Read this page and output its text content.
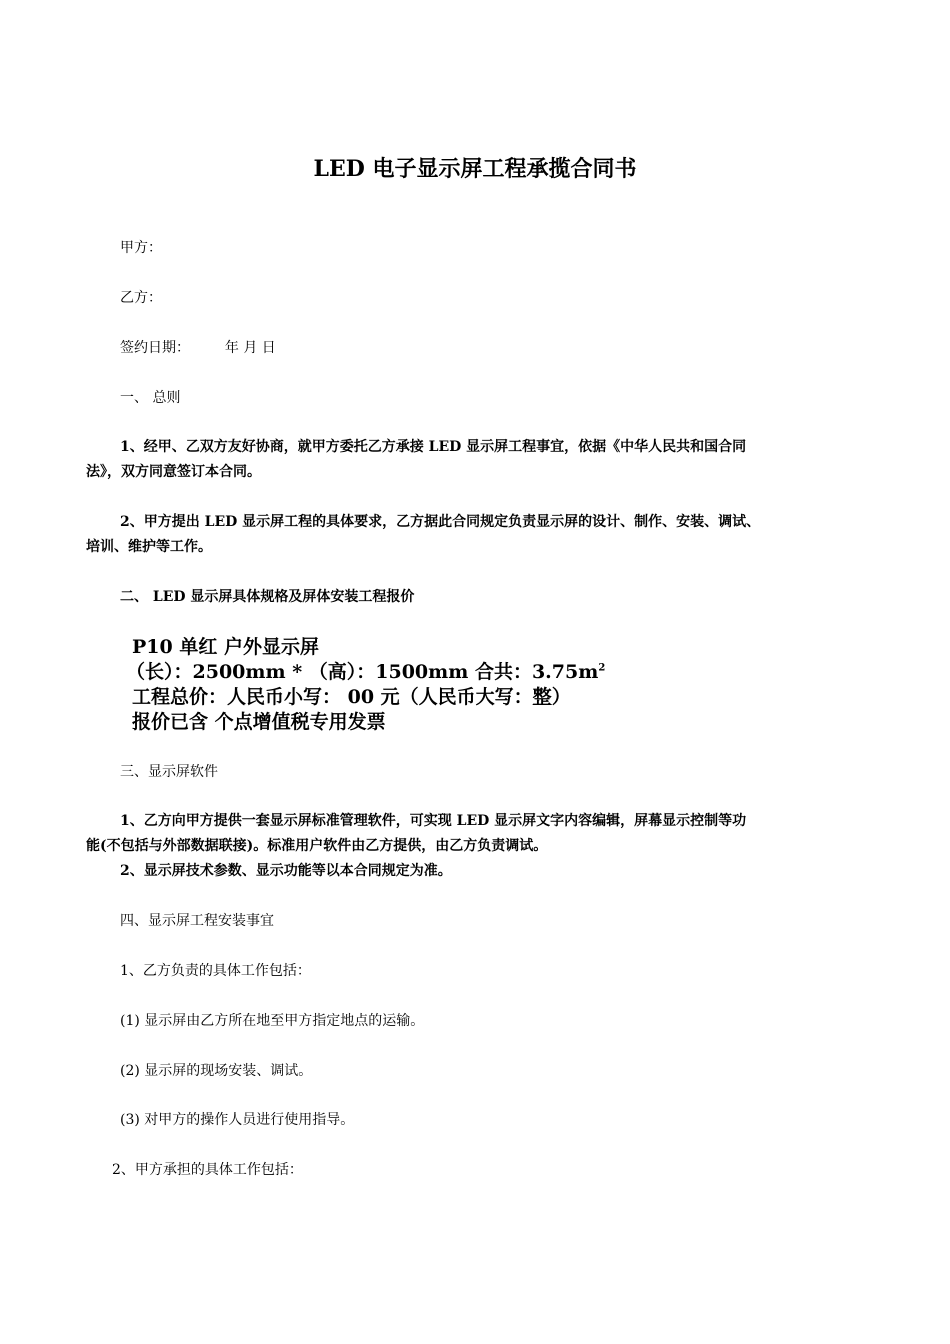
LED 电子显示屏工程承揽合同书
甲方：
乙方：
签约日期： 年 月 日
一、 总则
1、经甲、乙双方友好协商，就甲方委托乙方承接 LED 显示屏工程事宜，依据《中华人民共和国合同
法》，双方同意签订本合同。
2、甲方提出 LED 显示屏工程的具体要求，乙方据此合同规定负责显示屏的设计、制作、安装、调试、
培训、维护等工作。
二、 LED 显示屏具体规格及屏体安装工程报价
P10 单红 户外显示屏
（长）：2500mm * （高）：1500mm 合共：$3.75m^2$
工程总价：人民币小写： 00 元（人民币大写：整）
报价已含 个点增值税专用发票
三、显示屏软件
1、乙方向甲方提供一套显示屏标准管理软件，可实现 LED 显示屏文字内容编辑，屏幕显示控制等功
能(不包括与外部数据联接)。标准用户软件由乙方提供，由乙方负责调试。
2、显示屏技术参数、显示功能等以本合同规定为准。
四、显示屏工程安装事宜
1、乙方负责的具体工作包括：
(1) 显示屏由乙方所在地至甲方指定地点的运输。
(2) 显示屏的现场安装、调试。
(3) 对甲方的操作人员进行使用指导。
2、甲方承担的具体工作包括：
